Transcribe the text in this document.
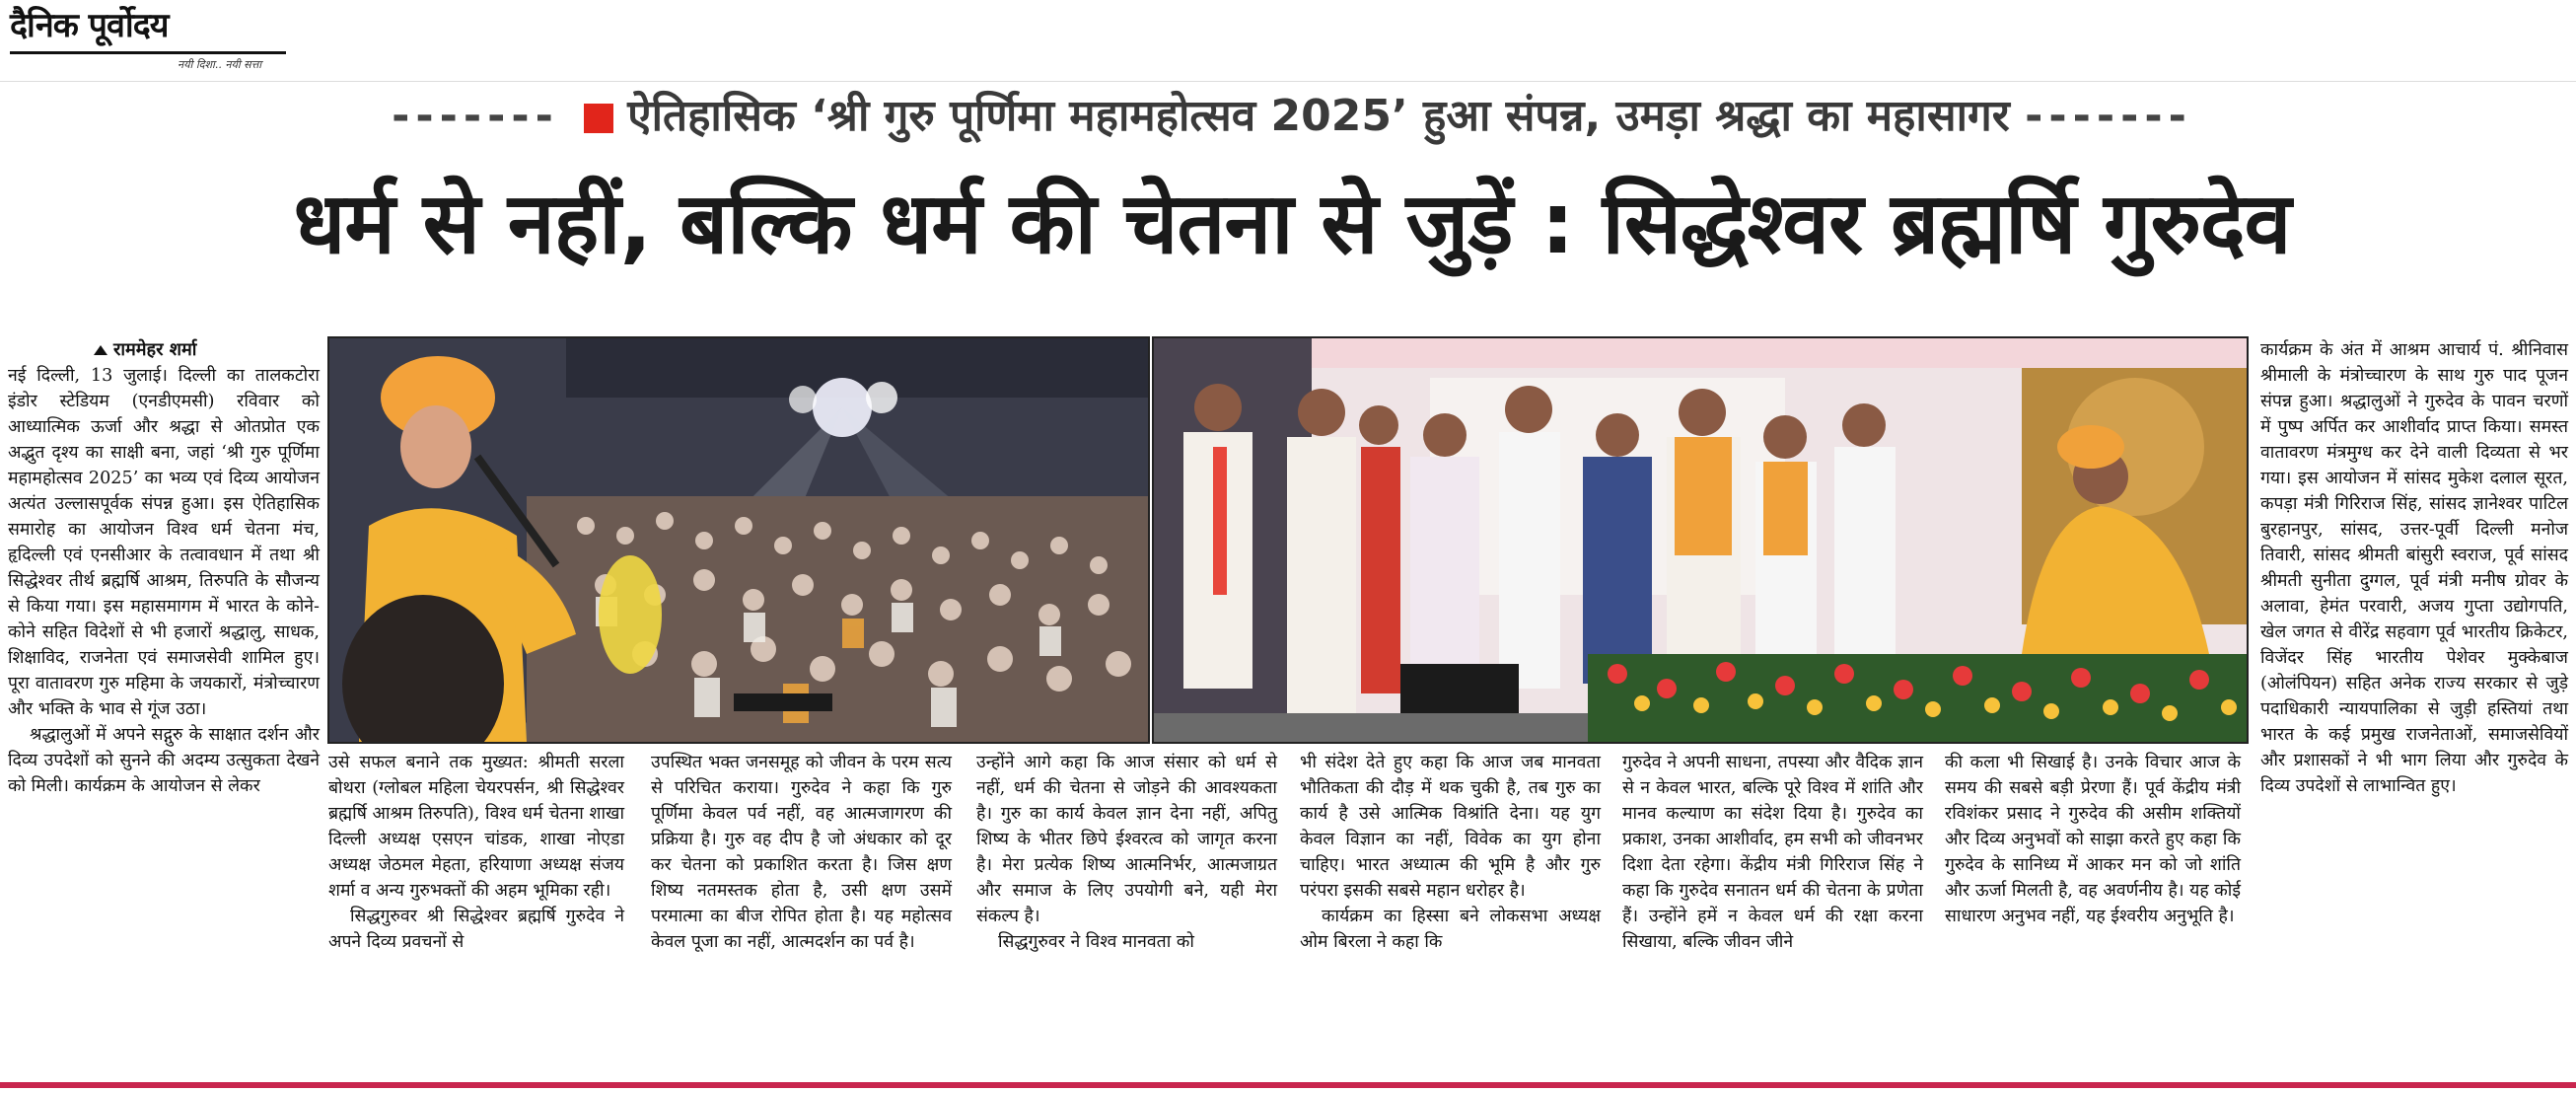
दैनिक पूर्वोदय
नयी दिशा.. नयी सत्ता
------- ऐतिहासिक ‘श्री गुरु पूर्णिमा महामहोत्सव 2025’ हुआ संपन्न, उमड़ा श्रद्धा का महासागर -------
धर्म से नहीं, बल्कि धर्म की चेतना से जुड़ें : सिद्धेश्वर ब्रह्मर्षि गुरुदेव
राममेहर शर्मा

नई दिल्ली, 13 जुलाई। दिल्ली का तालकटोरा इंडोर स्टेडियम (एनडीएमसी) रविवार को आध्यात्मिक ऊर्जा और श्रद्धा से ओतप्रोत एक अद्भुत दृश्य का साक्षी बना, जहां ‘श्री गुरु पूर्णिमा महामहोत्सव 2025’ का भव्य एवं दिव्य आयोजन अत्यंत उल्लासपूर्वक संपन्न हुआ। इस ऐतिहासिक समारोह का आयोजन विश्व धर्म चेतना मंच, हृदिल्ली एवं एनसीआर के तत्वावधान में तथा श्री सिद्धेश्वर तीर्थ ब्रह्मर्षि आश्रम, तिरुपति के सौजन्य से किया गया। इस महासमागम में भारत के कोने-कोने सहित विदेशों से भी हजारों श्रद्धालु, साधक, शिक्षाविद, राजनेता एवं समाजसेवी शामिल हुए। पूरा वातावरण गुरु महिमा के जयकारों, मंत्रोच्चारण और भक्ति के भाव से गूंज उठा।

श्रद्धालुओं में अपने सद्गुरु के साक्षात दर्शन और दिव्य उपदेशों को सुनने की अदम्य उत्सुकता देखने को मिली। कार्यक्रम के आयोजन से लेकर

उसे सफल बनाने तक मुख्यत: श्रीमती सरला बोथरा (ग्लोबल महिला चेयरपर्सन, श्री सिद्धेश्वर ब्रह्मर्षि आश्रम तिरुपति), विश्व धर्म चेतना शाखा दिल्ली अध्यक्ष एसएन चांडक, शाखा नोएडा अध्यक्ष जेठमल मेहता, हरियाणा अध्यक्ष संजय शर्मा व अन्य गुरुभक्तों की अहम भूमिका रही।

सिद्धगुरुवर श्री सिद्धेश्वर ब्रह्मर्षि गुरुदेव ने अपने दिव्य प्रवचनों से

उपस्थित भक्त जनसमूह को जीवन के परम सत्य से परिचित कराया। गुरुदेव ने कहा कि गुरु पूर्णिमा केवल पर्व नहीं, वह आत्मजागरण की प्रक्रिया है। गुरु वह दीप है जो अंधकार को दूर कर चेतना को प्रकाशित करता है। जिस क्षण शिष्य नतमस्तक होता है, उसी क्षण उसमें परमात्मा का बीज रोपित होता है। यह महोत्सव केवल पूजा का नहीं, आत्मदर्शन का पर्व है।

उन्होंने आगे कहा कि आज संसार को धर्म से नहीं, धर्म की चेतना से जोड़ने की आवश्यकता है। गुरु का कार्य केवल ज्ञान देना नहीं, अपितु शिष्य के भीतर छिपे ईश्वरत्व को जागृत करना है। मेरा प्रत्येक शिष्य आत्मनिर्भर, आत्मजाग्रत और समाज के लिए उपयोगी बने, यही मेरा संकल्प है।

सिद्धगुरुवर ने विश्व मानवता को

भी संदेश देते हुए कहा कि आज जब मानवता भौतिकता की दौड़ में थक चुकी है, तब गुरु का कार्य है उसे आत्मिक विश्रांति देना। यह युग केवल विज्ञान का नहीं, विवेक का युग होना चाहिए। भारत अध्यात्म की भूमि है और गुरु परंपरा इसकी सबसे महान धरोहर है।

कार्यक्रम का हिस्सा बने लोकसभा अध्यक्ष ओम बिरला ने कहा कि

गुरुदेव ने अपनी साधना, तपस्या और वैदिक ज्ञान से न केवल भारत, बल्कि पूरे विश्व में शांति और मानव कल्याण का संदेश दिया है। गुरुदेव का प्रकाश, उनका आशीर्वाद, हम सभी को जीवनभर दिशा देता रहेगा। केंद्रीय मंत्री गिरिराज सिंह ने कहा कि गुरुदेव सनातन धर्म की चेतना के प्रणेता हैं। उन्होंने हमें न केवल धर्म की रक्षा करना सिखाया, बल्कि जीवन जीने

की कला भी सिखाई है। उनके विचार आज के समय की सबसे बड़ी प्रेरणा हैं। पूर्व केंद्रीय मंत्री रविशंकर प्रसाद ने गुरुदेव की असीम शक्तियों और दिव्य अनुभवों को साझा करते हुए कहा कि गुरुदेव के सानिध्य में आकर मन को जो शांति और ऊर्जा मिलती है, वह अवर्णनीय है। यह कोई साधारण अनुभव नहीं, यह ईश्वरीय अनुभूति है।

कार्यक्रम के अंत में आश्रम आचार्य पं. श्रीनिवास श्रीमाली के मंत्रोच्चारण के साथ गुरु पाद पूजन संपन्न हुआ। श्रद्धालुओं ने गुरुदेव के पावन चरणों में पुष्प अर्पित कर आशीर्वाद प्राप्त किया। समस्त वातावरण मंत्रमुग्ध कर देने वाली दिव्यता से भर गया। इस आयोजन में सांसद मुकेश दलाल सूरत, कपड़ा मंत्री गिरिराज सिंह, सांसद ज्ञानेश्वर पाटिल बुरहानपुर, सांसद, उत्तर-पूर्वी दिल्ली मनोज तिवारी, सांसद श्रीमती बांसुरी स्वराज, पूर्व सांसद श्रीमती सुनीता दुग्गल, पूर्व मंत्री मनीष ग्रोवर के अलावा, हेमंत परवारी, अजय गुप्ता उद्योगपति, खेल जगत से वीरेंद्र सहवाग पूर्व भारतीय क्रिकेटर, विजेंदर सिंह भारतीय पेशेवर मुक्केबाज (ओलंपियन) सहित अनेक राज्य सरकार से जुड़े पदाधिकारी न्यायपालिका से जुड़ी हस्तियां तथा भारत के कई प्रमुख राजनेताओं, समाजसेवियों और प्रशासकों ने भी भाग लिया और गुरुदेव के दिव्य उपदेशों से लाभान्वित हुए।
